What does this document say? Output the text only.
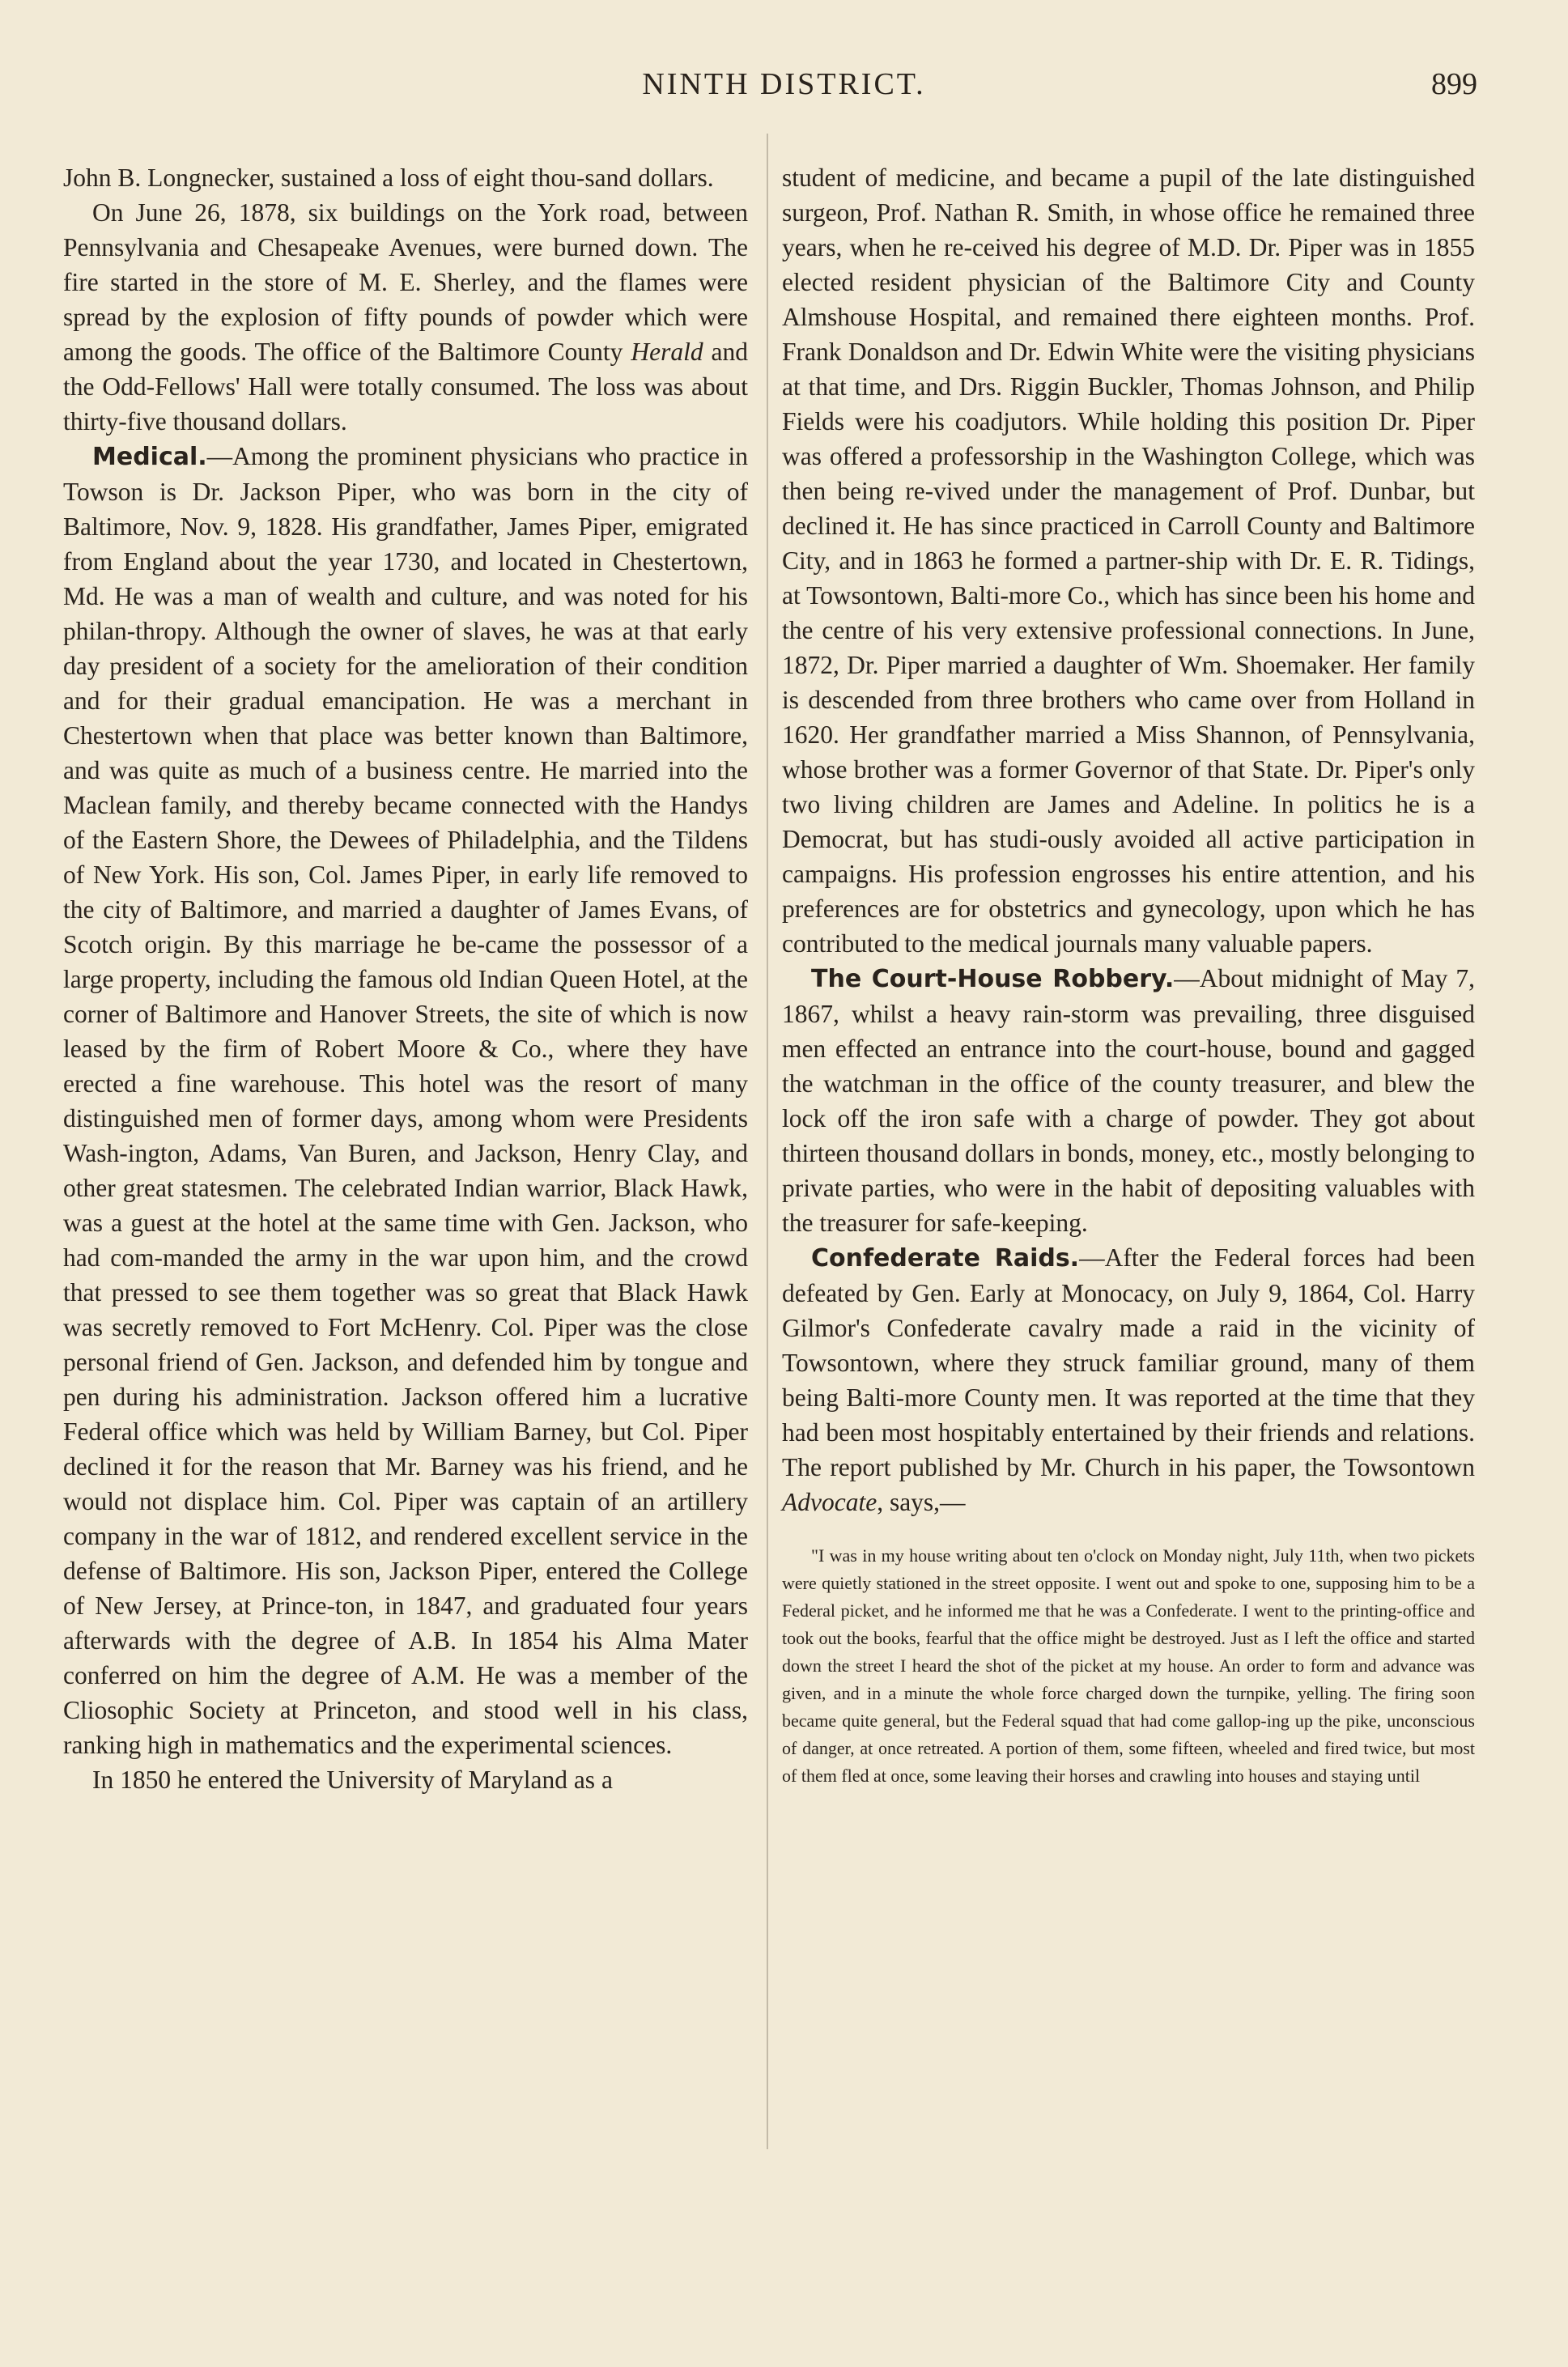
NINTH DISTRICT.	899

John B. Longnecker, sustained a loss of eight thou-sand dollars.

On June 26, 1878, six buildings on the York road, between Pennsylvania and Chesapeake Avenues, were burned down. The fire started in the store of M. E. Sherley, and the flames were spread by the explosion of fifty pounds of powder which were among the goods. The office of the Baltimore County Herald and the Odd-Fellows' Hall were totally consumed. The loss was about thirty-five thousand dollars.

Medical.—Among the prominent physicians who practice in Towson is Dr. Jackson Piper, who was born in the city of Baltimore, Nov. 9, 1828. His grandfather, James Piper, emigrated from England about the year 1730, and located in Chestertown, Md. He was a man of wealth and culture, and was noted for his philan-thropy. Although the owner of slaves, he was at that early day president of a society for the amelioration of their condition and for their gradual emancipation. He was a merchant in Chestertown when that place was better known than Baltimore, and was quite as much of a business centre. He married into the Maclean family, and thereby became connected with the Handys of the Eastern Shore, the Dewees of Philadelphia, and the Tildens of New York. His son, Col. James Piper, in early life removed to the city of Baltimore, and married a daughter of James Evans, of Scotch origin. By this marriage he be-came the possessor of a large property, including the famous old Indian Queen Hotel, at the corner of Baltimore and Hanover Streets, the site of which is now leased by the firm of Robert Moore & Co., where they have erected a fine warehouse. This hotel was the resort of many distinguished men of former days, among whom were Presidents Wash-ington, Adams, Van Buren, and Jackson, Henry Clay, and other great statesmen. The celebrated Indian warrior, Black Hawk, was a guest at the hotel at the same time with Gen. Jackson, who had com-manded the army in the war upon him, and the crowd that pressed to see them together was so great that Black Hawk was secretly removed to Fort McHenry. Col. Piper was the close personal friend of Gen. Jackson, and defended him by tongue and pen during his administration. Jackson offered him a lucrative Federal office which was held by William Barney, but Col. Piper declined it for the reason that Mr. Barney was his friend, and he would not displace him. Col. Piper was captain of an artillery company in the war of 1812, and rendered excellent service in the defense of Baltimore. His son, Jackson Piper, entered the College of New Jersey, at Prince-ton, in 1847, and graduated four years afterwards with the degree of A.B. In 1854 his Alma Mater conferred on him the degree of A.M. He was a member of the Cliosophic Society at Princeton, and stood well in his class, ranking high in mathematics and the experimental sciences.

In 1850 he entered the University of Maryland as a

student of medicine, and became a pupil of the late distinguished surgeon, Prof. Nathan R. Smith, in whose office he remained three years, when he re-ceived his degree of M.D. Dr. Piper was in 1855 elected resident physician of the Baltimore City and County Almshouse Hospital, and remained there eighteen months. Prof. Frank Donaldson and Dr. Edwin White were the visiting physicians at that time, and Drs. Riggin Buckler, Thomas Johnson, and Philip Fields were his coadjutors. While holding this position Dr. Piper was offered a professorship in the Washington College, which was then being re-vived under the management of Prof. Dunbar, but declined it. He has since practiced in Carroll County and Baltimore City, and in 1863 he formed a partner-ship with Dr. E. R. Tidings, at Towsontown, Balti-more Co., which has since been his home and the centre of his very extensive professional connections. In June, 1872, Dr. Piper married a daughter of Wm. Shoemaker. Her family is descended from three brothers who came over from Holland in 1620. Her grandfather married a Miss Shannon, of Pennsylvania, whose brother was a former Governor of that State. Dr. Piper's only two living children are James and Adeline. In politics he is a Democrat, but has studi-ously avoided all active participation in campaigns. His profession engrosses his entire attention, and his preferences are for obstetrics and gynecology, upon which he has contributed to the medical journals many valuable papers.

The Court-House Robbery.—About midnight of May 7, 1867, whilst a heavy rain-storm was prevailing, three disguised men effected an entrance into the court-house, bound and gagged the watchman in the office of the county treasurer, and blew the lock off the iron safe with a charge of powder. They got about thirteen thousand dollars in bonds, money, etc., mostly belonging to private parties, who were in the habit of depositing valuables with the treasurer for safe-keeping.

Confederate Raids.—After the Federal forces had been defeated by Gen. Early at Monocacy, on July 9, 1864, Col. Harry Gilmor's Confederate cavalry made a raid in the vicinity of Towsontown, where they struck familiar ground, many of them being Balti-more County men. It was reported at the time that they had been most hospitably entertained by their friends and relations. The report published by Mr. Church in his paper, the Towsontown Advocate, says,—

"I was in my house writing about ten o'clock on Monday night, July 11th, when two pickets were quietly stationed in the street opposite. I went out and spoke to one, supposing him to be a Federal picket, and he informed me that he was a Confederate. I went to the printing-office and took out the books, fearful that the office might be destroyed. Just as I left the office and started down the street I heard the shot of the picket at my house. An order to form and advance was given, and in a minute the whole force charged down the turnpike, yelling. The firing soon became quite general, but the Federal squad that had come gallop-ing up the pike, unconscious of danger, at once retreated. A portion of them, some fifteen, wheeled and fired twice, but most of them fled at once, some leaving their horses and crawling into houses and staying until
